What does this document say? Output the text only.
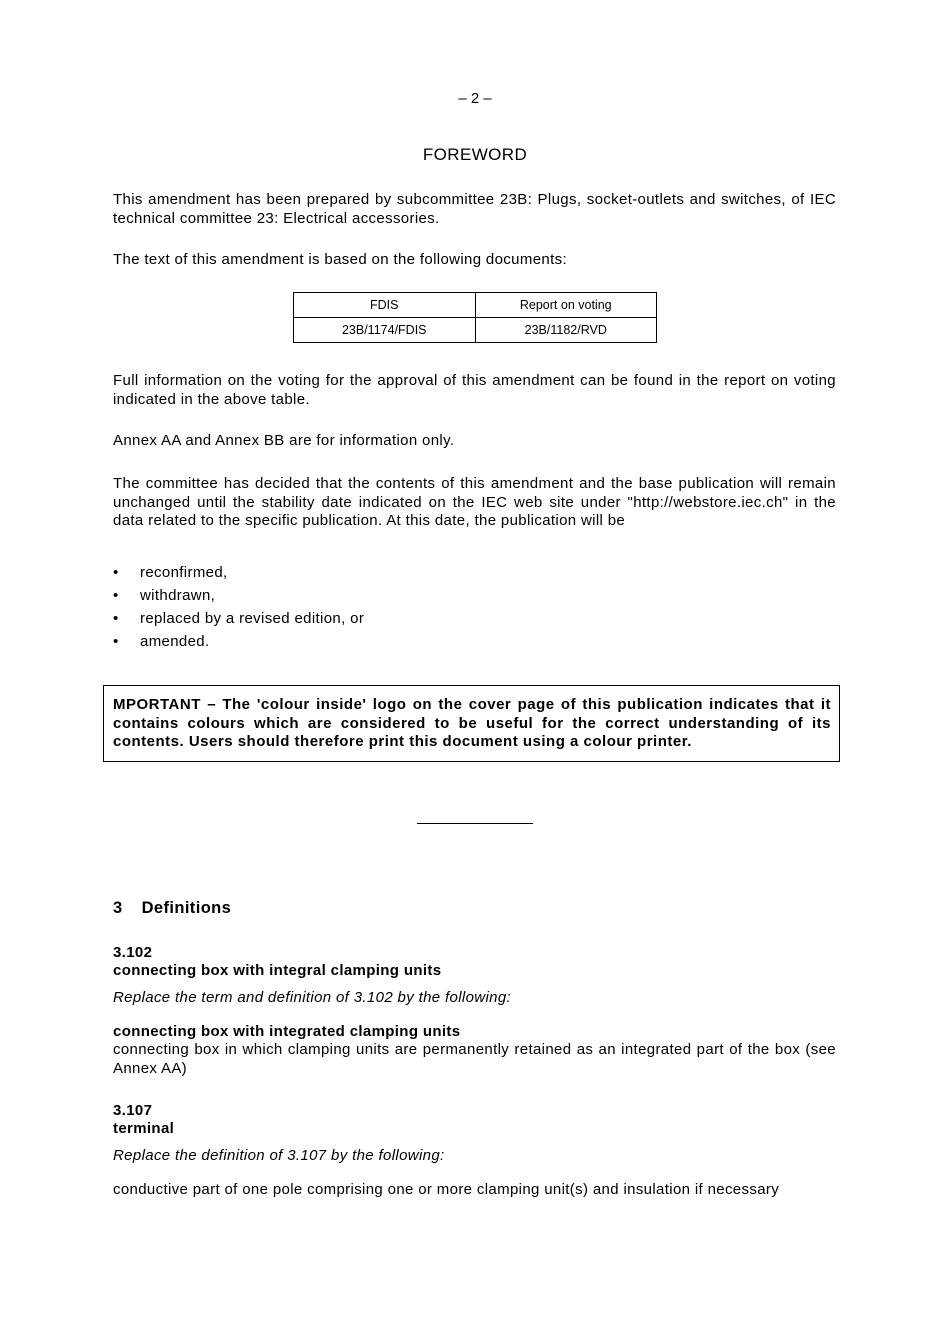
– 2 –
FOREWORD

This amendment has been prepared by subcommittee 23B: Plugs, socket-outlets and switches, of IEC technical committee 23: Electrical accessories.

The text of this amendment is based on the following documents:

FDIS	Report on voting
23B/1174/FDIS	23B/1182/RVD

Full information on the voting for the approval of this amendment can be found in the report on voting indicated in the above table.

Annex AA and Annex BB are for information only.

The committee has decided that the contents of this amendment and the base publication will remain unchanged until the stability date indicated on the IEC web site under "http://webstore.iec.ch" in the data related to the specific publication. At this date, the publication will be

• reconfirmed,
• withdrawn,
• replaced by a revised edition, or
• amended.
MPORTANT – The 'colour inside' logo on the cover page of this publication indicates that it contains colours which are considered to be useful for the correct understanding of its contents. Users should therefore print this document using a colour printer.
3 Definitions
3.102
connecting box with integral clamping units
Replace the term and definition of 3.102 by the following:
connecting box with integrated clamping units

connecting box in which clamping units are permanently retained as an integrated part of the box (see Annex AA)

3.107
terminal
Replace the definition of 3.107 by the following:

conductive part of one pole comprising one or more clamping unit(s) and insulation if necessary
